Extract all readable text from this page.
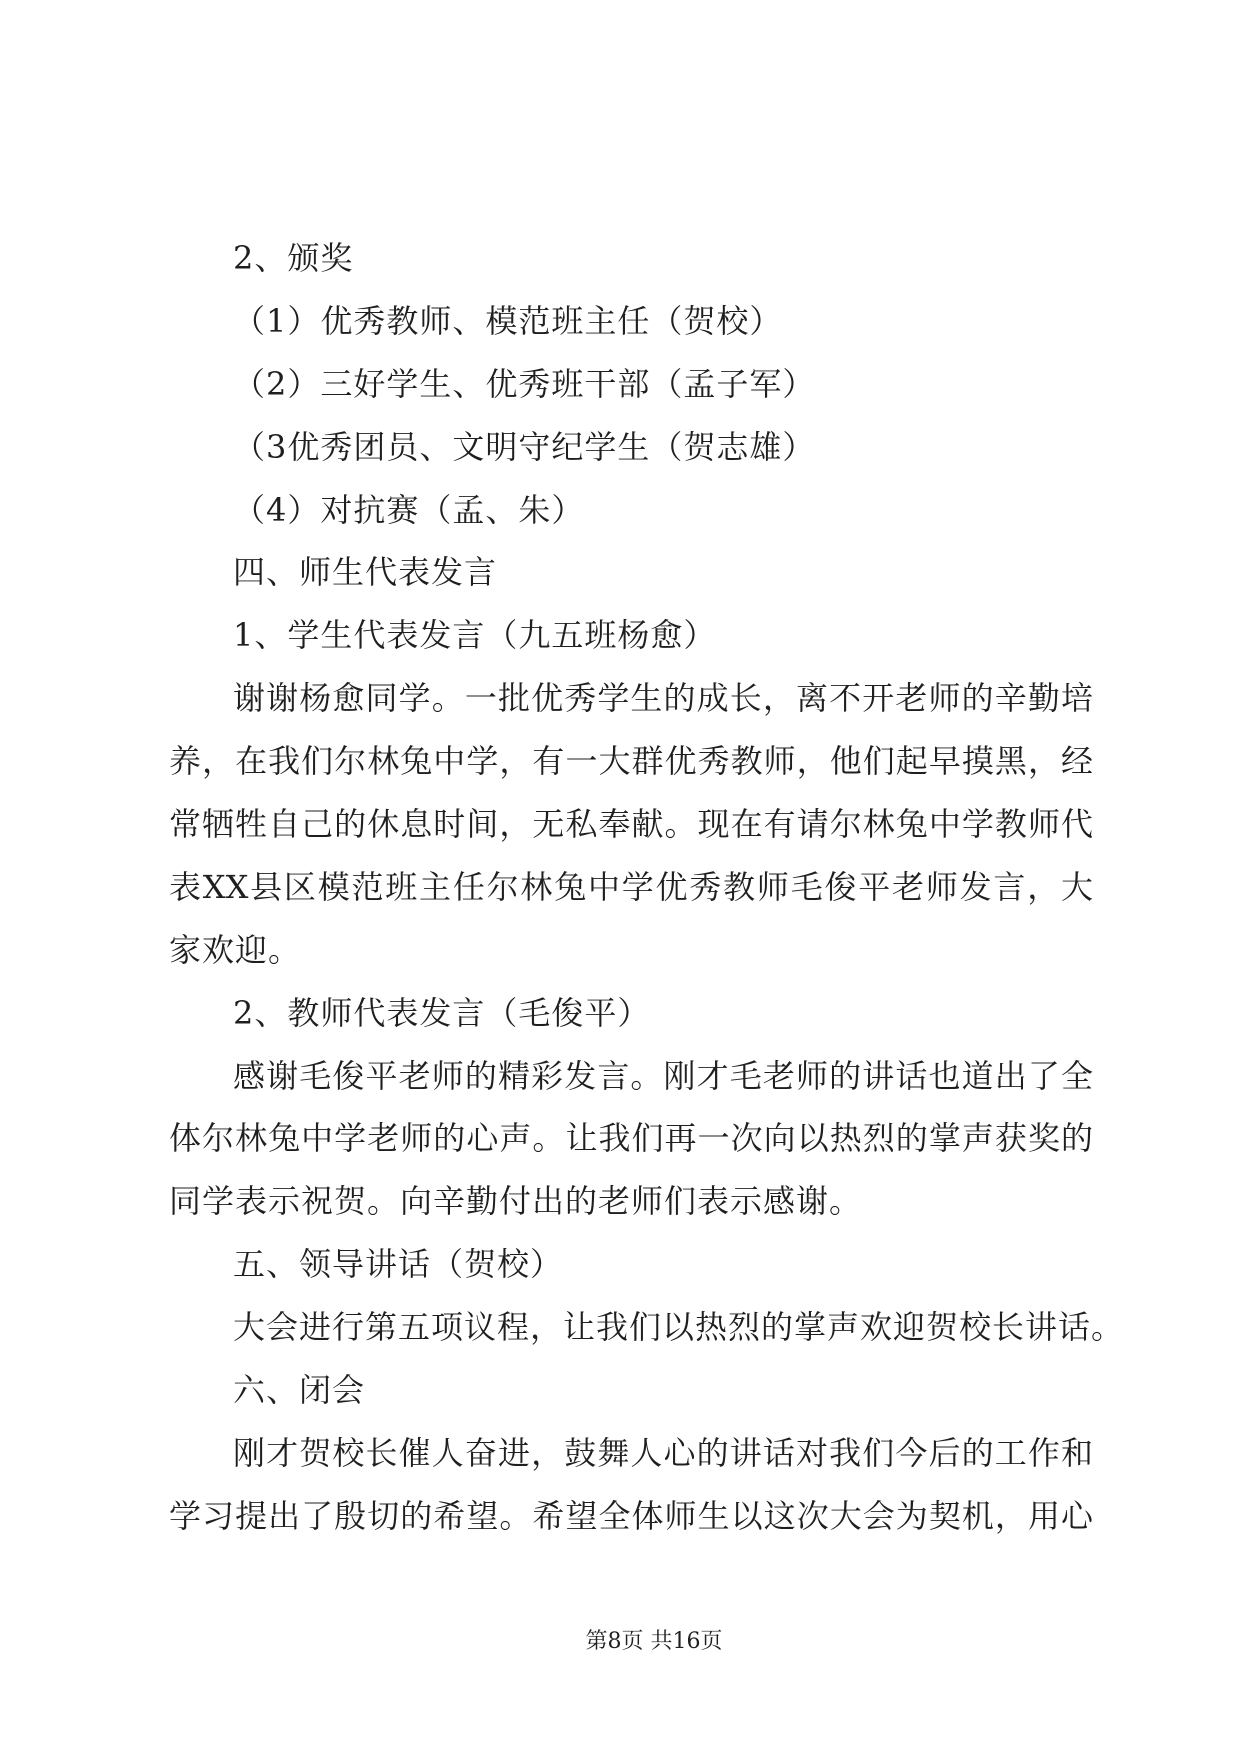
2、颁奖
（1）优秀教师、模范班主任（贺校）
（2）三好学生、优秀班干部（孟子军）
（3优秀团员、文明守纪学生（贺志雄）
（4）对抗赛（孟、朱）
四、师生代表发言
1、学生代表发言（九五班杨愈）
谢谢杨愈同学。一批优秀学生的成长，离不开老师的辛勤培
养，在我们尔林兔中学，有一大群优秀教师，他们起早摸黑，经
常牺牲自己的休息时间，无私奉献。现在有请尔林兔中学教师代
表XX县区模范班主任尔林兔中学优秀教师毛俊平老师发言，大
家欢迎。
2、教师代表发言（毛俊平）
感谢毛俊平老师的精彩发言。刚才毛老师的讲话也道出了全
体尔林兔中学老师的心声。让我们再一次向以热烈的掌声获奖的
同学表示祝贺。向辛勤付出的老师们表示感谢。
五、领导讲话（贺校）
大会进行第五项议程，让我们以热烈的掌声欢迎贺校长讲话。
六、闭会
刚才贺校长催人奋进，鼓舞人心的讲话对我们今后的工作和
学习提出了殷切的希望。希望全体师生以这次大会为契机，用心
第8页 共16页
